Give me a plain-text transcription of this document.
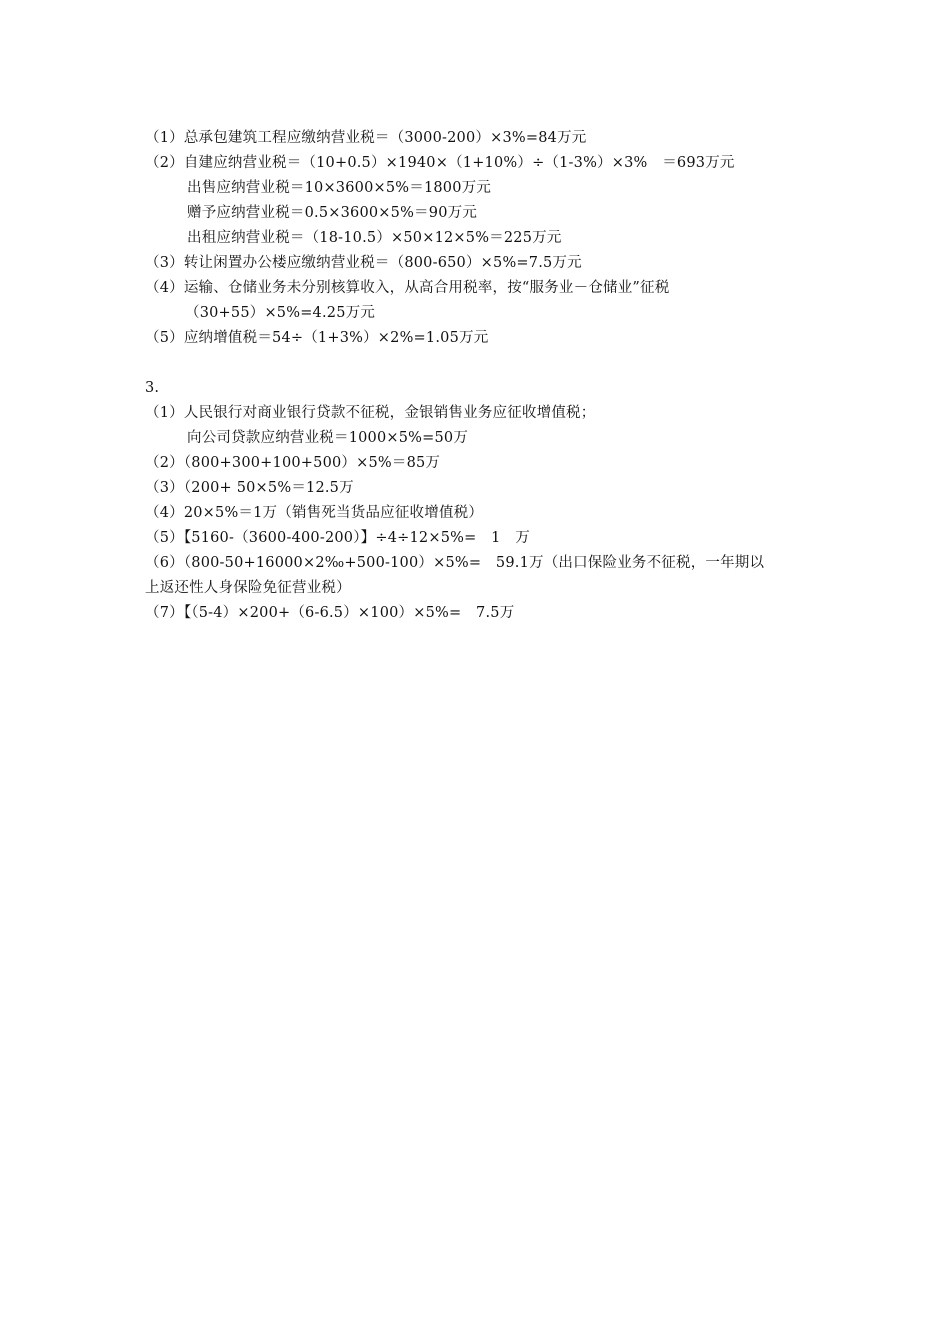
（1）总承包建筑工程应缴纳营业税＝（3000-200）×3%=84万元
（2）自建应纳营业税＝（10+0.5）×1940×（1+10%）÷（1-3%）×3%　＝693万元
出售应纳营业税＝10×3600×5%＝1800万元
赠予应纳营业税＝0.5×3600×5%＝90万元
出租应纳营业税＝（18-10.5）×50×12×5%＝225万元
（3）转让闲置办公楼应缴纳营业税＝（800-650）×5%=7.5万元
（4）运输、仓储业务未分别核算收入，从高合用税率，按“服务业－仓储业”征税
（30+55）×5%=4.25万元
（5）应纳增值税＝54÷（1+3%）×2%=1.05万元
3.
（1）人民银行对商业银行贷款不征税，金银销售业务应征收增值税；
向公司贷款应纳营业税＝1000×5%=50万
（2）（800+300+100+500）×5%＝85万
（3）（200+ 50×5%＝12.5万
（4）20×5%＝1万（销售死当货品应征收增值税）
（5）【5160-（3600-400-200）】÷4÷12×5%=　1　万
（6）（800-50+16000×2‰+500-100）×5%=　59.1万（出口保险业务不征税，一年期以
上返还性人身保险免征营业税）
（7）【（5-4）×200+（6-6.5）×100）×5%=　7.5万
